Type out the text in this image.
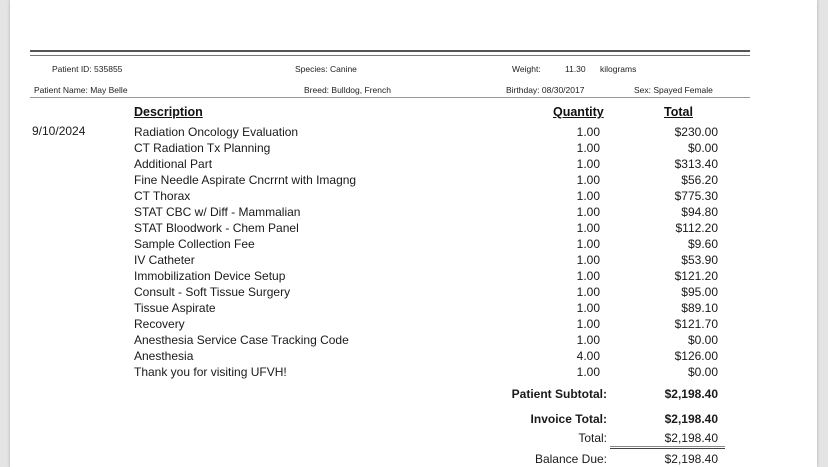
Patient ID: 535855	Species: Canine	Weight:	11.30 kilograms
Patient Name: May Belle	Breed: Bulldog, French	Birthday: 08/30/2017	Sex: Spayed Female
Description	Quantity	Total
9/10/2024	Radiation Oncology Evaluation	1.00	$230.00
CT Radiation Tx Planning	1.00	$0.00
Additional Part	1.00	$313.40
Fine Needle Aspirate Cncrrnt with Imagng	1.00	$56.20
CT Thorax	1.00	$775.30
STAT CBC w/ Diff - Mammalian	1.00	$94.80
STAT Bloodwork - Chem Panel	1.00	$112.20
Sample Collection Fee	1.00	$9.60
IV Catheter	1.00	$53.90
Immobilization Device Setup	1.00	$121.20
Consult - Soft Tissue Surgery	1.00	$95.00
Tissue Aspirate	1.00	$89.10
Recovery	1.00	$121.70
Anesthesia Service Case Tracking Code	1.00	$0.00
Anesthesia	4.00	$126.00
Thank you for visiting UFVH!	1.00	$0.00
Patient Subtotal:	$2,198.40
Invoice Total:	$2,198.40
Total:	$2,198.40
Balance Due:	$2,198.40
